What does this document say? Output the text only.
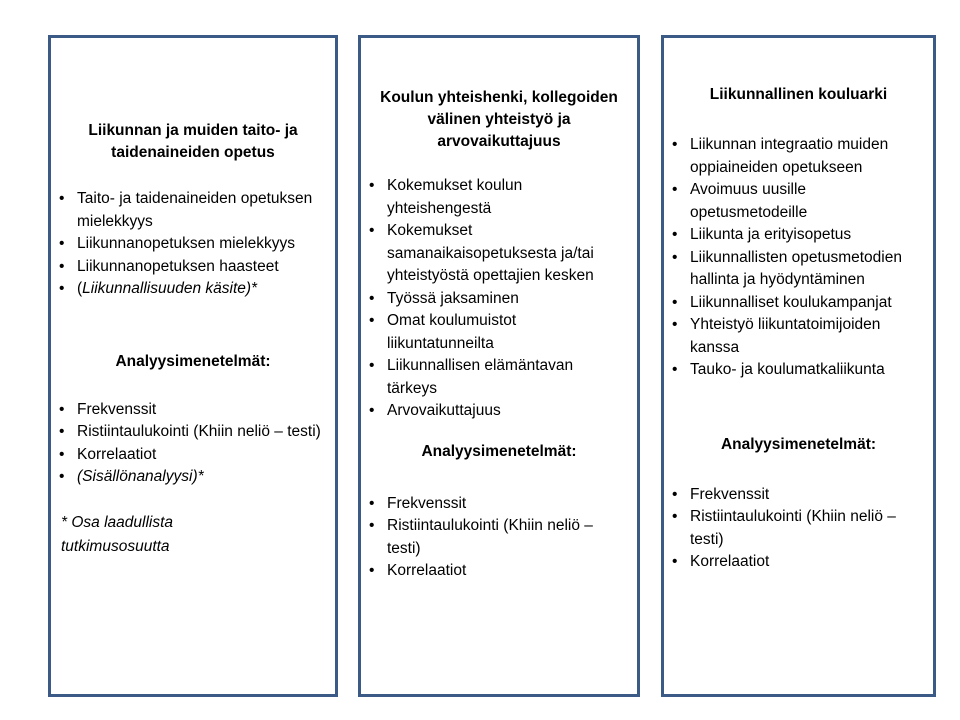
Liikunnan ja muiden taito- ja taidenaineiden opetus

• Taito- ja taidenaineiden opetuksen mielekkyys
• Liikunnanopetuksen mielekkyys
• Liikunnanopetuksen haasteet
• (Liikunnallisuuden käsite)*

Analyysimenetelmät:

• Frekvenssit
• Ristiintaulukointi (Khiin neliö – testi)
• Korrelaatiot
• (Sisällönanalyysi)*

* Osa laadullista tutkimusosuutta

Koulun yhteishenki, kollegoiden välinen yhteistyö ja arvovaikuttajuus

• Kokemukset koulun yhteishengestä
• Kokemukset samanaikaisopetuksesta ja/tai yhteistyöstä opettajien kesken
• Työssä jaksaminen
• Omat koulumuistot liikuntatunneilta
• Liikunnallisen elämäntavan tärkeys
• Arvovaikuttajuus

Analyysimenetelmät:

• Frekvenssit
• Ristiintaulukointi (Khiin neliö –testi)
• Korrelaatiot

Liikunnallinen kouluarki

• Liikunnan integraatio muiden oppiaineiden opetukseen
• Avoimuus uusille opetusmetodeille
• Liikunta ja erityisopetus
• Liikunnallisten opetusmetodien hallinta ja hyödyntäminen
• Liikunnalliset koulukampanjat
• Yhteistyö liikuntatoimijoiden kanssa
• Tauko- ja koulumatkaliikunta

Analyysimenetelmät:

• Frekvenssit
• Ristiintaulukointi (Khiin neliö –testi)
• Korrelaatiot
